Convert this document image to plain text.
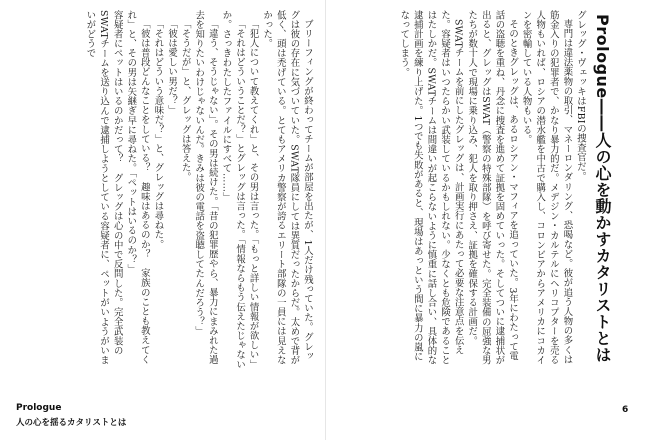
Prologue――人の心を動かすカタリストとは

グレッグ・ヴェッキはFBIの捜査官だ。

専門は違法薬物の取引、マネーロンダリング、恐喝など。彼が追う人物の多くは筋金入りの犯罪者で、かなり暴力的だ。メデジン・カルテルにヘリコプターを売る人物もいれば、ロシアの潜水艦を中古で購入し、コロンビアからアメリカにコカインを密輸している人物もいる。

そのときグレッグは、あるロシアン・マフィアを追っていた。3年にわたって電話の盗聴を重ね、丹念に捜査を進めて証拠を固めていった。そしてついに逮捕状が出ると、グレッグはSWAT（警察の特殊部隊）を呼び寄せた。完全装備の屈強な男たちが数十人で現場に乗り込み、犯人を取り押さえ、証拠を確保する計画だ。

SWATチームを前にしたグレッグは、計画実行にあたって必要な注意点を伝えた。容疑者はいつたらかい武装しているかもしれない。少なくとも危険であることはたしかだ。SWATチームは間違いが起こらないように慎重に話し合い、具体的な逮捕計画を練り上げた。1つでも失敗があると、現場はあっという間に暴力の嵐になってしまう。

ブリーフィングが終わってチームが部屋を出たが、1人だけ残っていた。グレッグは彼の存在に気づいていた。SWAT隊員にしては異質だったからだ。太めで背が低く、頭は禿げている。とてもアメリカ警察が誇るエリート部隊の一員には見えなかった。

「犯人について教えてくれ」と、その男は言った。「もっと詳しい情報が欲しい」

「それはどういうことだ？」とグレッグは言った。「情報ならもう伝えたじゃないか。さっきわたしたファイルにすべて……」

「違う、そうじゃない」。その男は続けた。「昔の犯罪歴やら、暴力にまみれた過去を知りたいわけじゃないんだ。きみは彼の電話を盗聴してたんだろう？」

「そうだが」と、グレッグは答えた。

「彼は愛しい男だ？」

「それはどういう意味だ？」と、グレッグは尋ねた。

「彼は普段どんなことをしている？　趣味はあるのか？　家族のことも教えてくれ」と、その男は矢継ぎ早に尋ねた。「ペットはいるのか？」

容疑者にペットはいるのかだって？　グレッグは心の中で反問した。完全武装のSWATチームを送り込んで逮捕しようとしている容疑者に、ペットがいようがいまいがどうで

Prologue
人の心を揺るカタリストとは
6
